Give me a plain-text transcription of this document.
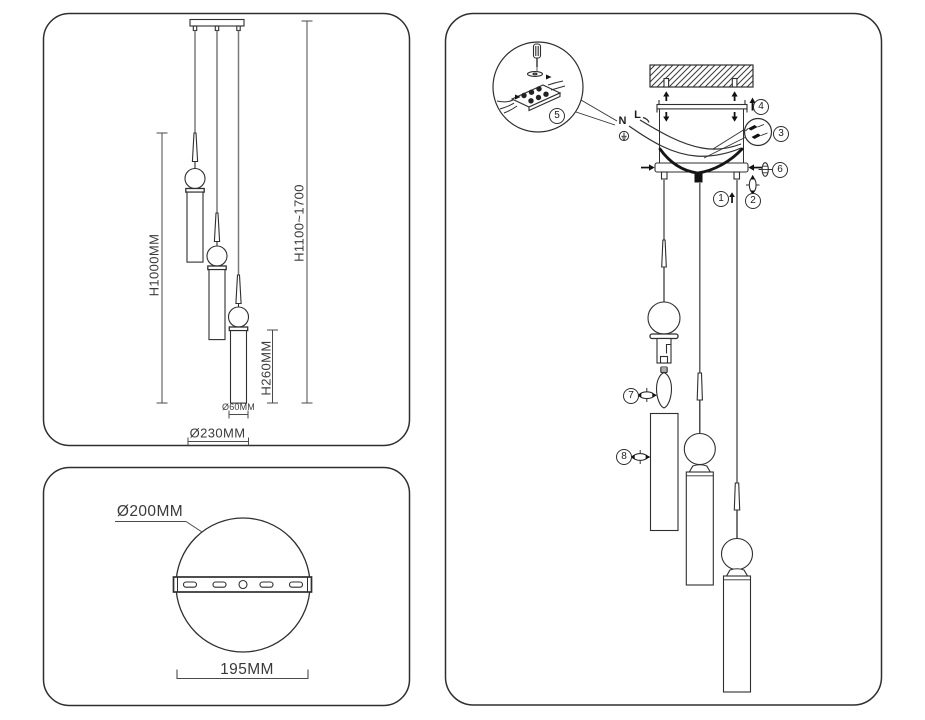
H1000MM
H1100~1700
H260MM
Ø60MM
Ø230MM
Ø200MM
195MM
N L
1	2
3
4
5
6
7
8
